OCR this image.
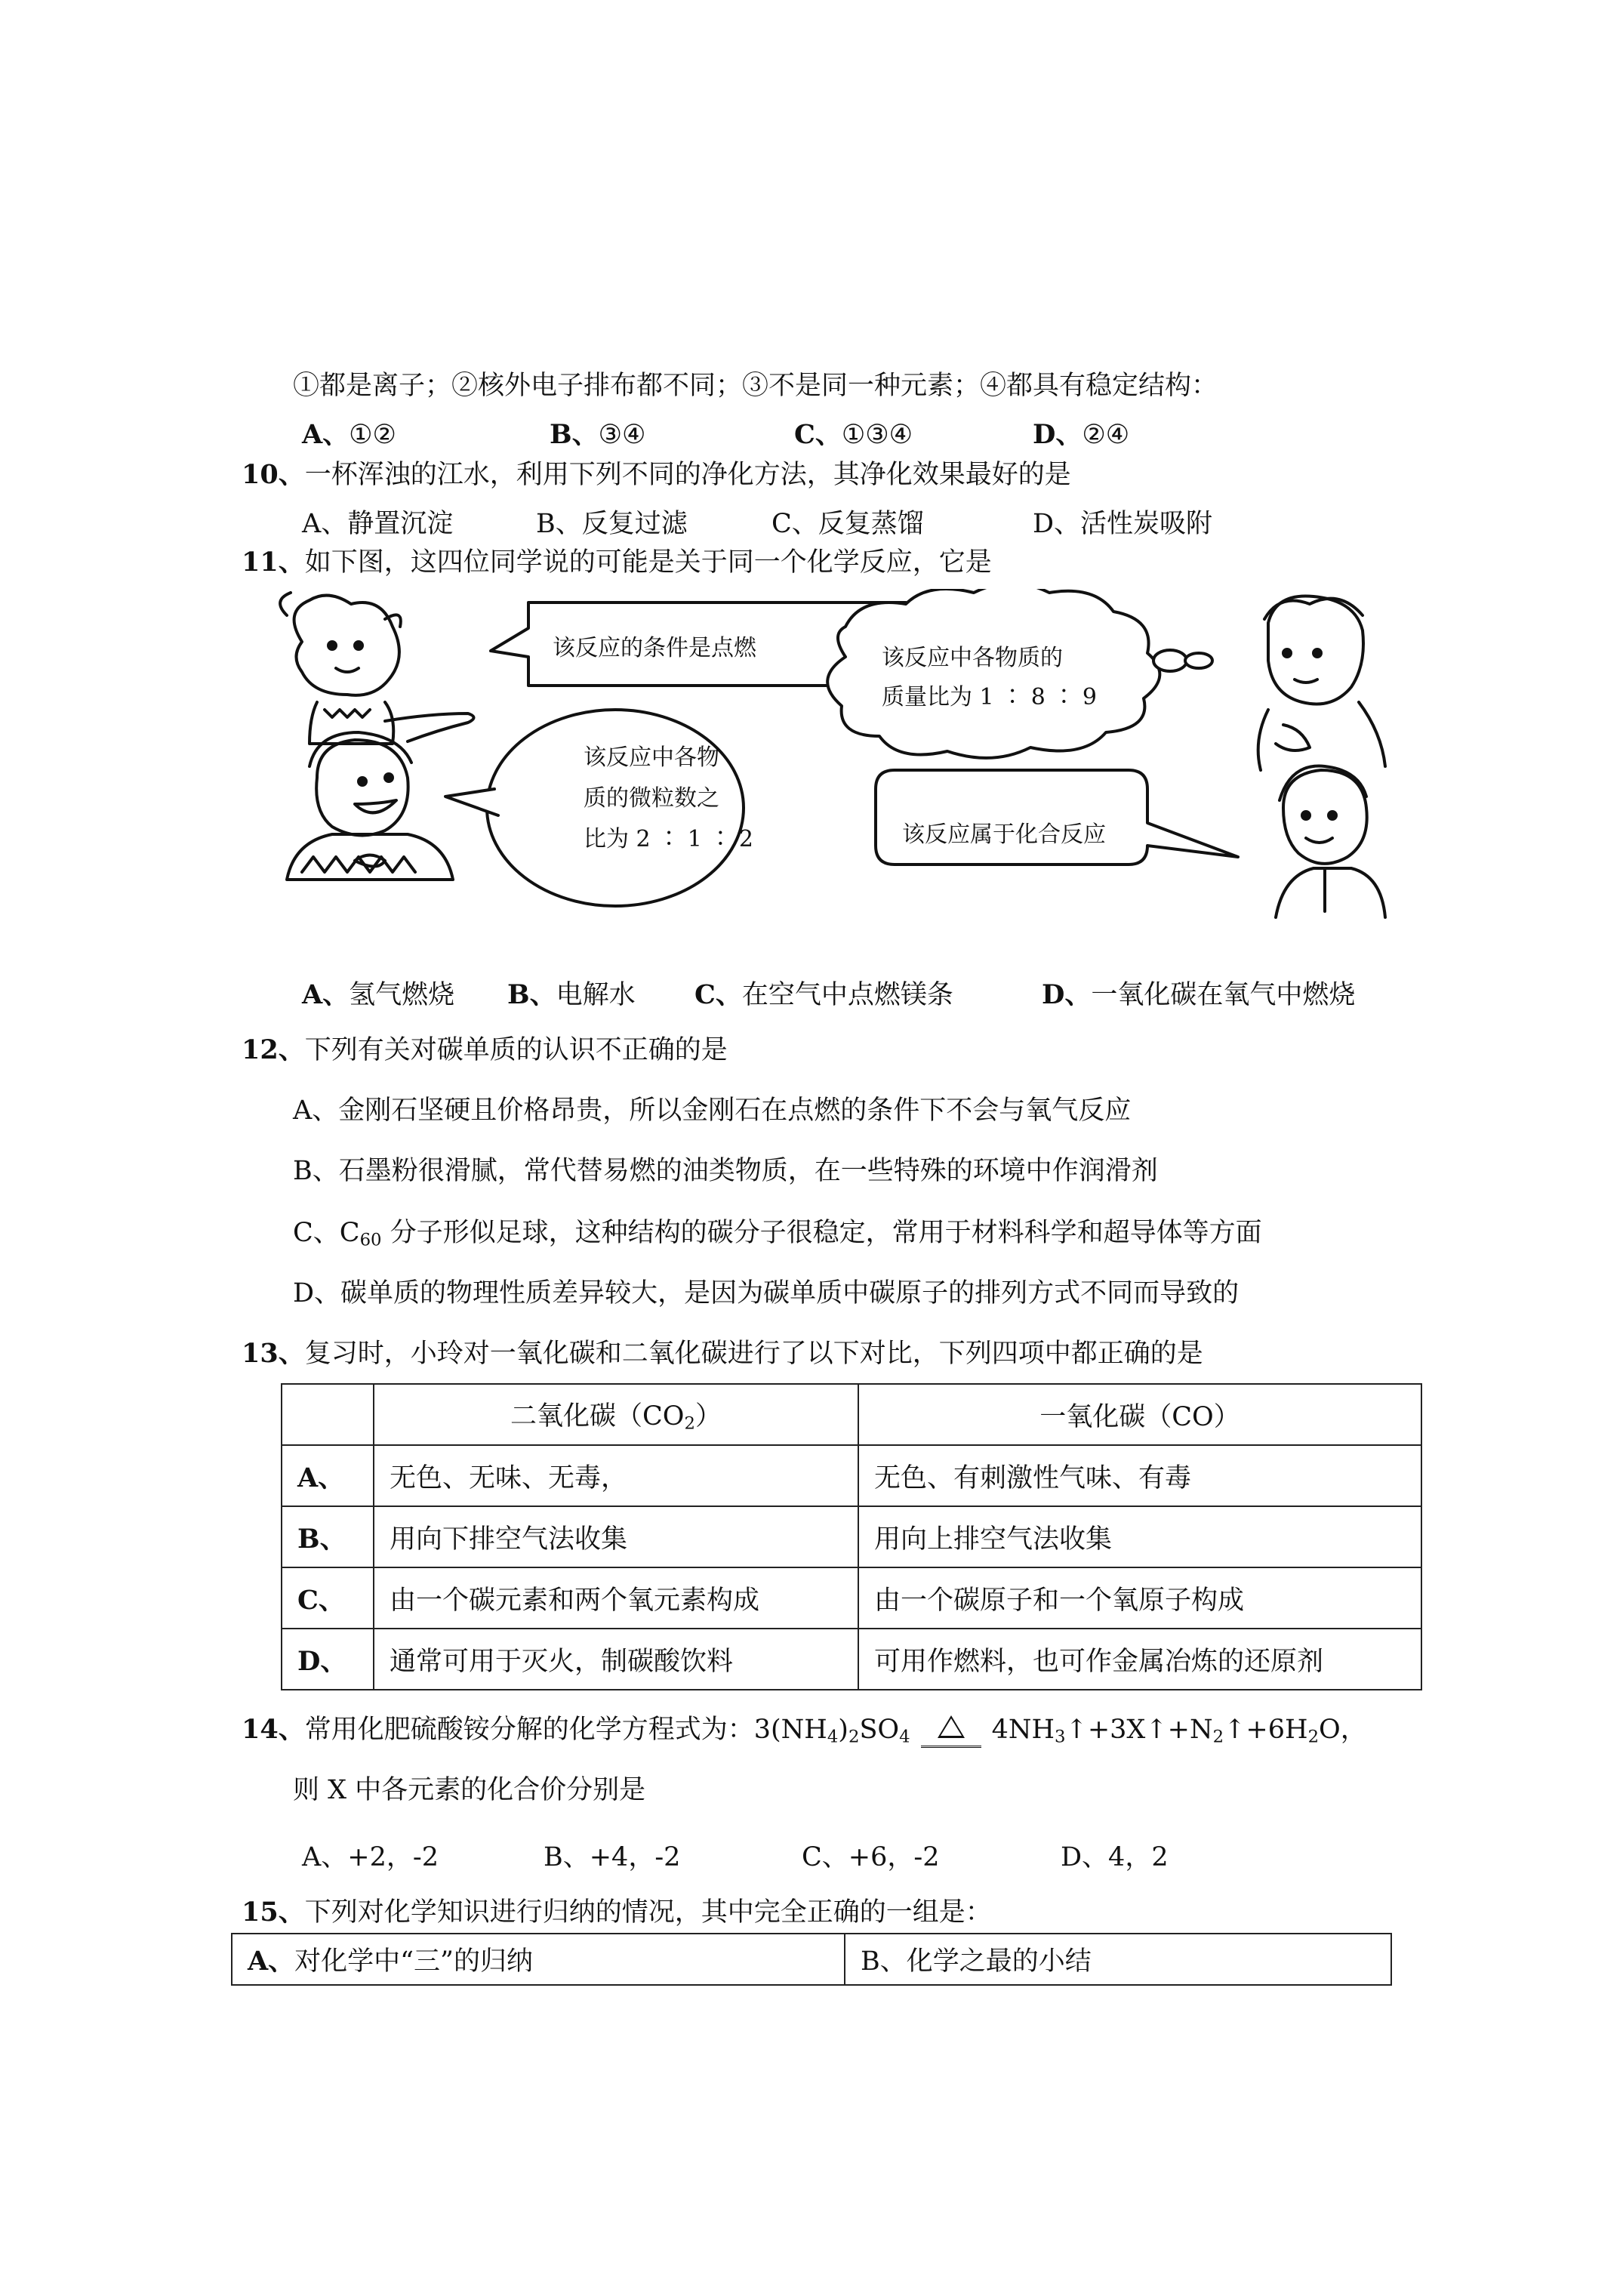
①都是离子；②核外电子排布都不同；③不是同一种元素；④都具有稳定结构：
A、①②	B、③④	C、①③④	D、②④
10、一杯浑浊的江水，利用下列不同的净化方法，其净化效果最好的是
A、静置沉淀	B、反复过滤	C、反复蒸馏	D、活性炭吸附
11、如下图，这四位同学说的可能是关于同一个化学反应，它是
该反应的条件是点燃	该反应中各物质的
质量比为 1 ∶ 8 ∶ 9
该反应中各物
质的微粒数之
比为 2 ∶ 1 ∶ 2	该反应属于化合反应
A、氢气燃烧 B、电解水 C、在空气中点燃镁条	D、一氧化碳在氧气中燃烧
12、下列有关对碳单质的认识不正确的是
A、金刚石坚硬且价格昂贵，所以金刚石在点燃的条件下不会与氧气反应
B、石墨粉很滑腻，常代替易燃的油类物质，在一些特殊的环境中作润滑剂
C、$C_{60}$ 分子形似足球，这种结构的碳分子很稳定，常用于材料科学和超导体等方面
D、碳单质的物理性质差异较大，是因为碳单质中碳原子的排列方式不同而导致的
13、复习时，小玲对一氧化碳和二氧化碳进行了以下对比，下列四项中都正确的是
	二氧化碳$(CO_2)$	一氧化碳（CO）
A、	无色、无味、无毒，	无色、有刺激性气味、有毒
B、	用向下排空气法收集	用向上排空气法收集
C、	由一个碳元素和两个氧元素构成	由一个碳原子和一个氧原子构成
D、	通常可用于灭火，制碳酸饮料	可用作燃料，也可作金属冶炼的还原剂
14、常用化肥硫酸铵分解的化学方程式为：$3(NH_4)_2SO_4$	$4NH_3↑+3X↑+N_2↑+6H_2O$，
则 X 中各元素的化合价分别是
A、+2，-2	B、+4，-2	C、+6，-2	D、4，2
15、下列对化学知识进行归纳的情况，其中完全正确的一组是：
A、对化学中“三”的归纳	B、化学之最的小结
